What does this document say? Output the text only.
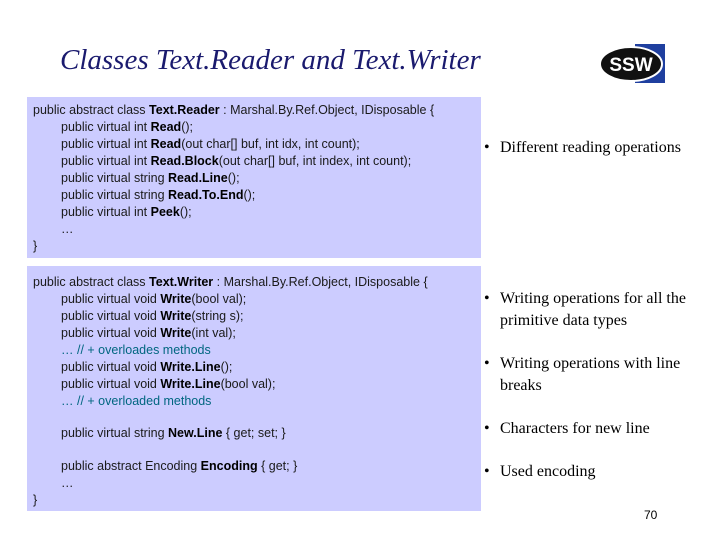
Classes Text.Reader and Text.Writer	SSW
public abstract class Text.Reader : Marshal.By.Ref.Object, IDisposable {
public virtual int Read();
public virtual int Read(out char[] buf, int idx, int count);
public virtual int Read.Block(out char[] buf, int index, int count);
public virtual string Read.Line();
public virtual string Read.To.End();
public virtual int Peek();
…
}
public abstract class Text.Writer : Marshal.By.Ref.Object, IDisposable {
public virtual void Write(bool val);
public virtual void Write(string s);
public virtual void Write(int val);
… // + overloades methods
public virtual void Write.Line();
public virtual void Write.Line(bool val);
… // + overloaded methods
public virtual string New.Line { get; set; }
public abstract Encoding Encoding { get; }
…
}
• Different reading operations
• Writing operations for all the primitive data types
• Writing operations with line breaks
• Characters for new line
• Used encoding
70
